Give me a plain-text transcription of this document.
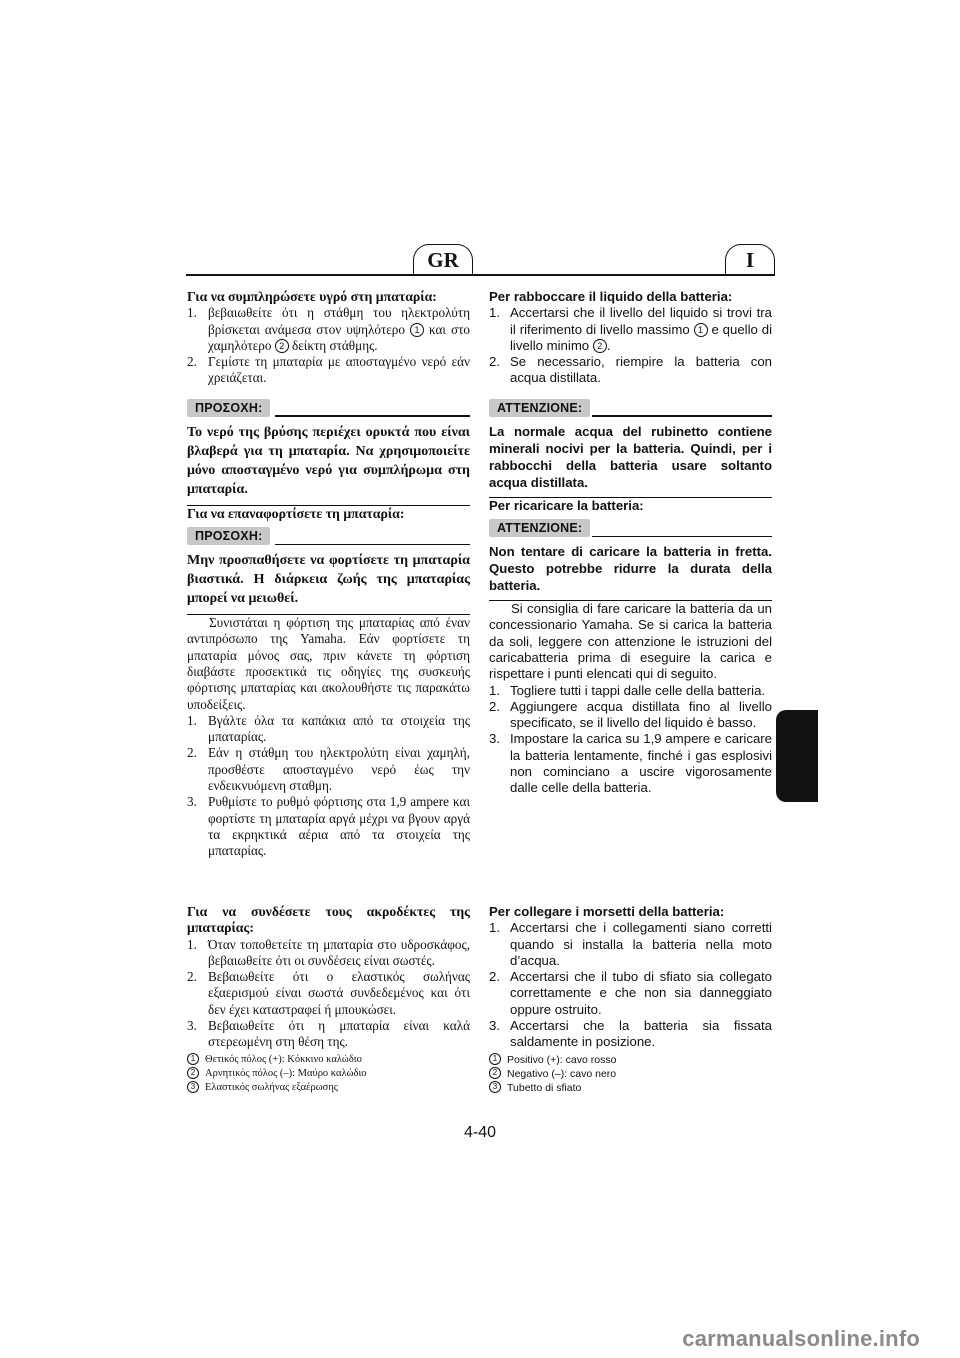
GR	I

Για να συμπληρώσετε υγρό στη μπαταρία:

1. βεβαιωθείτε ότι η στάθμη του ηλεκτρολύτη βρίσκεται ανάμεσα στον υψηλότερο 1 και στο χαμηλότερο 2 δείκτη στάθμης.
2. Γεμίστε τη μπαταρία με αποσταγμένο νερό εάν χρειάζεται.
ΠΡΟΣΟΧΗ:

Το νερό της βρύσης περιέχει ορυκτά που είναι βλαβερά για τη μπαταρία. Να χρησιμοποιείτε μόνο αποσταγμένο νερό για συμπλήρωμα στη μπαταρία.

Για να επαναφορτίσετε τη μπαταρία:

ΠΡΟΣΟΧΗ:

Μην προσπαθήσετε να φορτίσετε τη μπαταρία βιαστικά. Η διάρκεια ζωής της μπαταρίας μπορεί να μειωθεί.

Συνιστάται η φόρτιση της μπαταρίας από έναν αντιπρόσωπο της Yamaha. Εάν φορτίσετε τη μπαταρία μόνος σας, πριν κάνετε τη φόρτιση διαβάστε προσεκτικά τις οδηγίες της συσκευής φόρτισης μπαταρίας και ακολουθήστε τις παρακάτω υποδείξεις.

1. Βγάλτε όλα τα καπάκια από τα στοιχεία της μπαταρίας.
2. Εάν η στάθμη του ηλεκτρολύτη είναι χαμηλή, προσθέστε αποσταγμένο νερό έως την ενδεικνυόμενη σταθμη.
3. Ρυθμίστε το ρυθμό φόρτισης στα 1,9 ampere και φορτίστε τη μπαταρία αργά μέχρι να βγουν αργά τα εκρηκτικά αέρια από τα στοιχεία της μπαταρίας.

Per rabboccare il liquido della batteria:

1. Accertarsi che il livello del liquido si trovi tra il riferimento di livello massimo 1 e quello di livello minimo 2 .
2. Se necessario, riempire la batteria con acqua distillata.
ATTENZIONE:

La normale acqua del rubinetto contiene minerali nocivi per la batteria. Quindi, per i rabbocchi della batteria usare soltanto acqua distillata.

Per ricaricare la batteria:

ATTENZIONE:

Non tentare di caricare la batteria in fretta. Questo potrebbe ridurre la durata della batteria.

Si consiglia di fare caricare la batteria da un concessionario Yamaha. Se si carica la batteria da soli, leggere con attenzione le istruzioni del caricabatteria prima di eseguire la carica e rispettare i punti elencati qui di seguito.

1. Togliere tutti i tappi dalle celle della batteria.
2. Aggiungere acqua distillata fino al livello specificato, se il livello del liquido è basso.
3. Impostare la carica su 1,9 ampere e caricare la batteria lentamente, finché i gas esplosivi non cominciano a uscire vigorosamente dalle celle della batteria.

Για να συνδέσετε τους ακροδέκτες της μπαταρίας:

1. Όταν τοποθετείτε τη μπαταρία στο υδροσκάφος, βεβαιωθείτε ότι οι συνδέσεις είναι σωστές.
2. Βεβαιωθείτε ότι ο ελαστικός σωλήνας εξαερισμού είναι σωστά συνδεδεμένος και ότι δεν έχει καταστραφεί ή μπουκώσει.
3. Βεβαιωθείτε ότι η μπαταρία είναι καλά στερεωμένη στη θέση της.
1 Θετικός πόλος (+): Κόκκινο καλώδιο
2 Αρνητικός πόλος (–): Μαύρο καλώδιο
3 Ελαστικός σωλήνας εξαέρωσης

Per collegare i morsetti della batteria:

1. Accertarsi che i collegamenti siano corretti quando si installa la batteria nella moto d’acqua.
2. Accertarsi che il tubo di sfiato sia collegato correttamente e che non sia danneggiato oppure ostruito.
3. Accertarsi che la batteria sia fissata saldamente in posizione.
1 Positivo (+): cavo rosso
2 Negativo (–): cavo nero
3 Tubetto di sfiato
4-40
carmanualsonline.info
